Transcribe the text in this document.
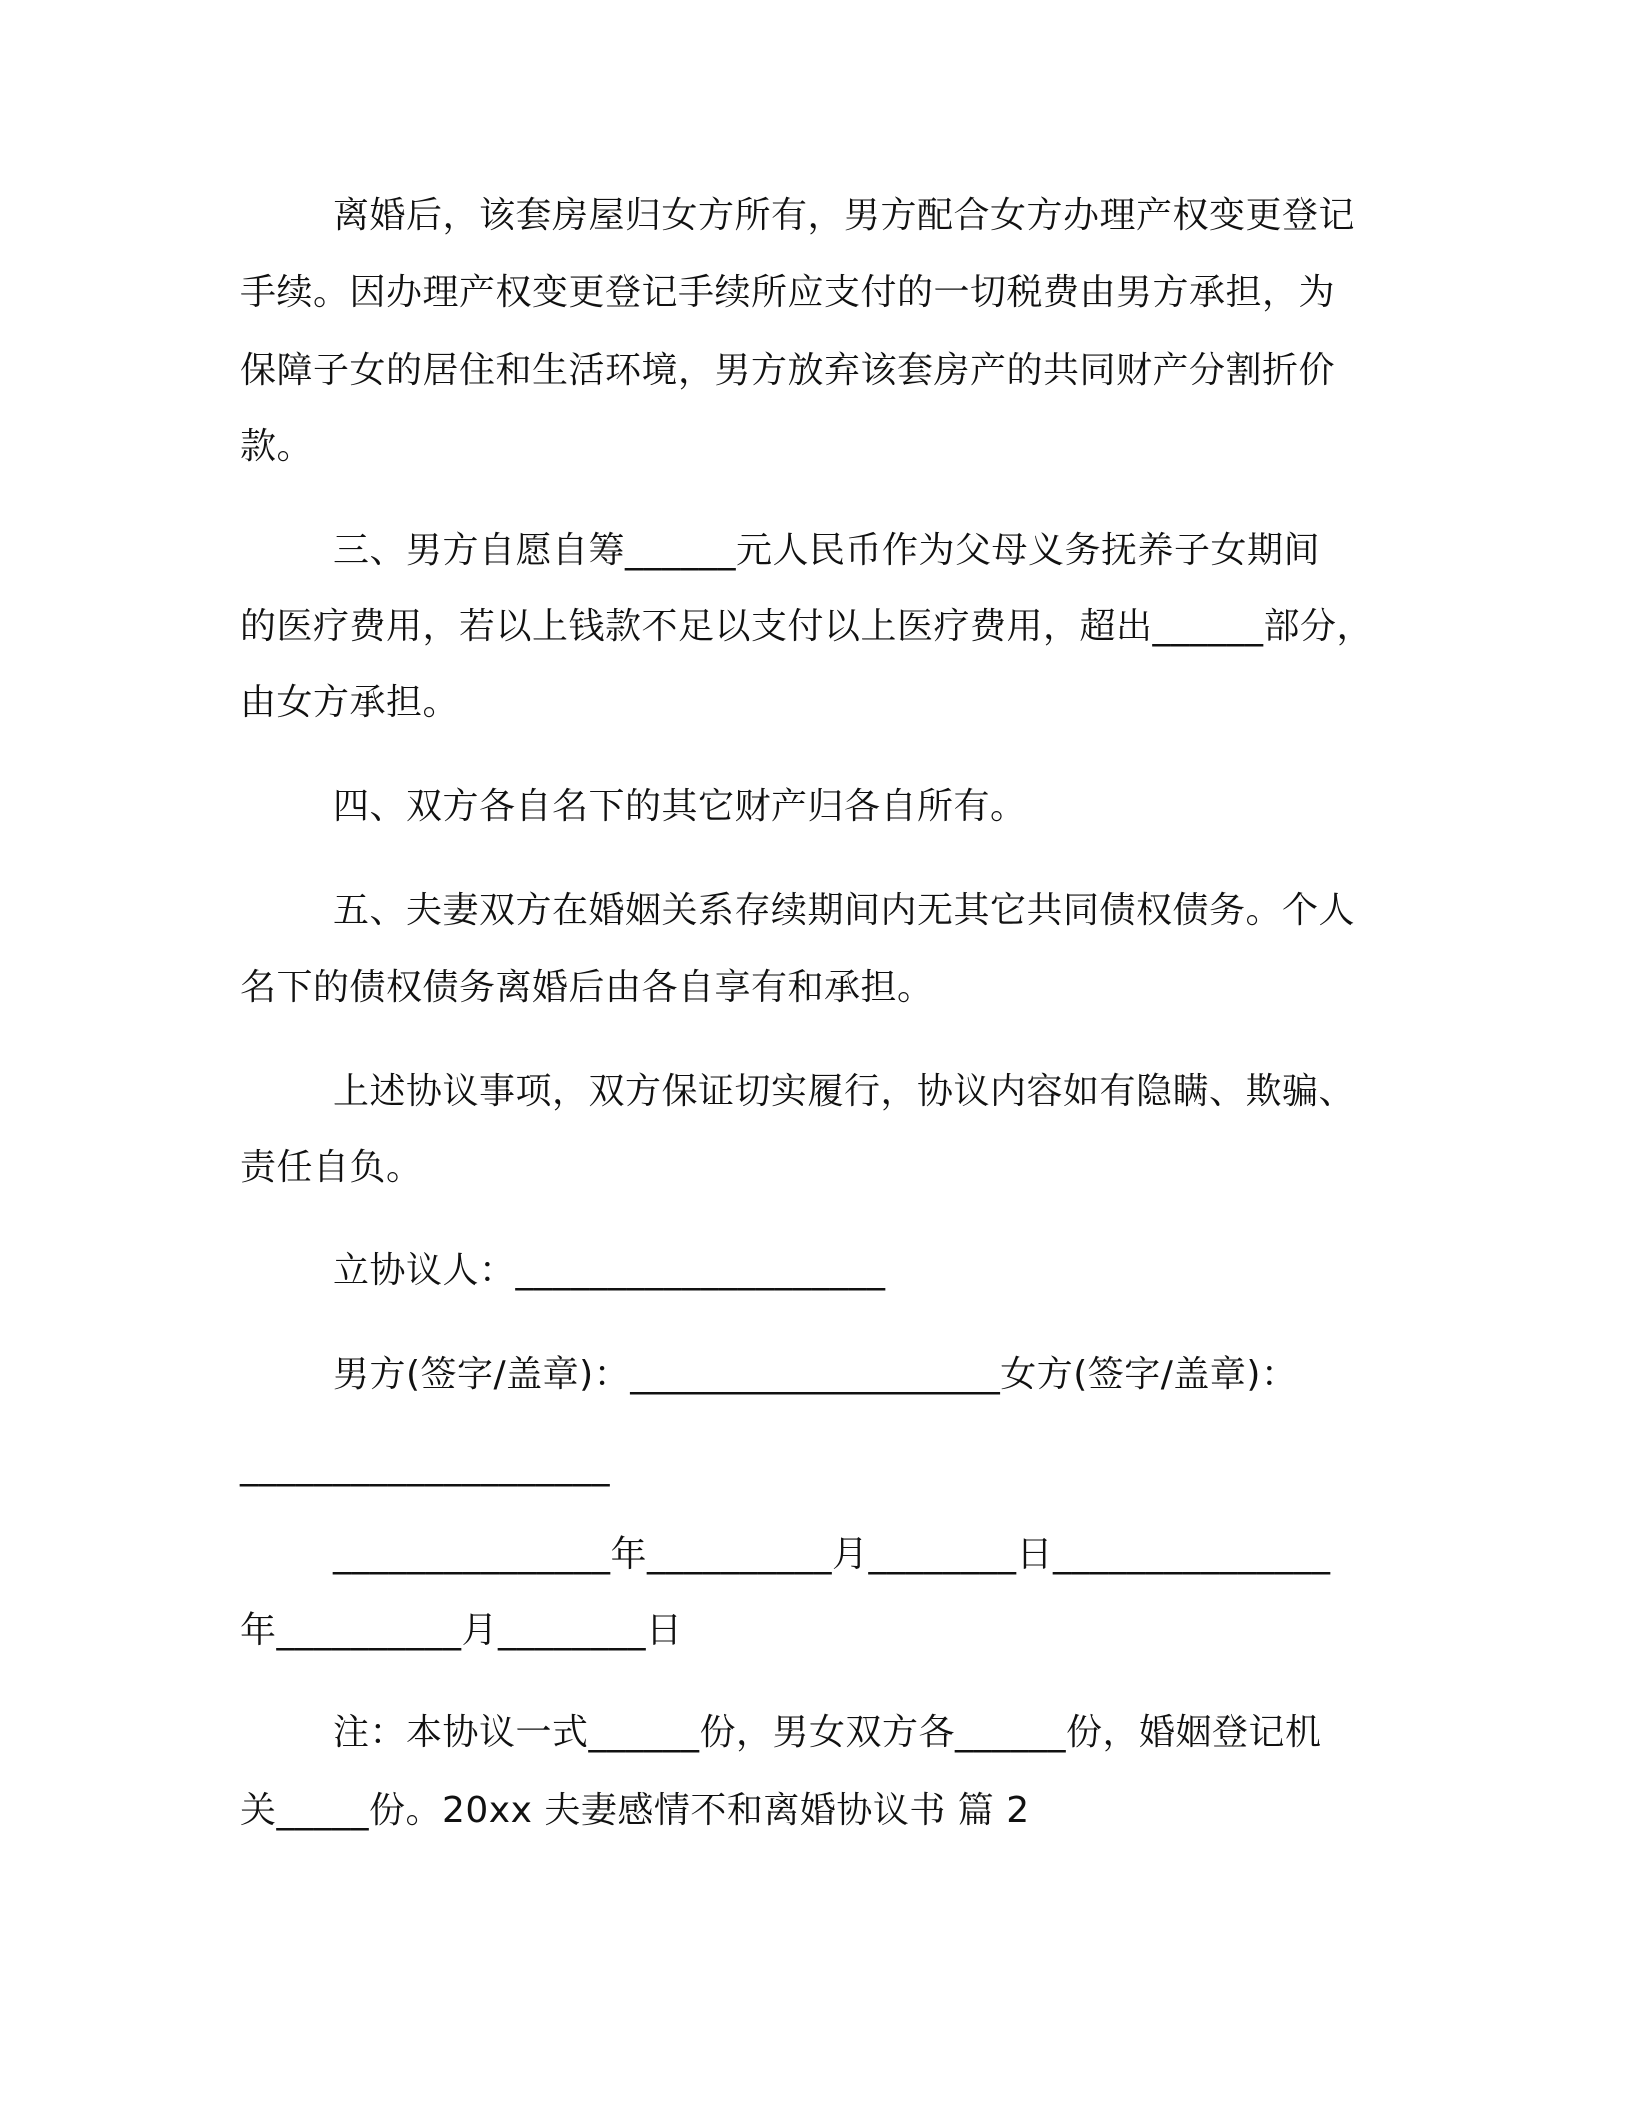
离婚后，该套房屋归女方所有，男方配合女方办理产权变更登记
手续。因办理产权变更登记手续所应支付的一切税费由男方承担，为
保障子女的居住和生活环境，男方放弃该套房产的共同财产分割折价
款。
三、男方自愿自筹______元人民币作为父母义务抚养子女期间
的医疗费用，若以上钱款不足以支付以上医疗费用，超出______部分，
由女方承担。
四、双方各自名下的其它财产归各自所有。
五、夫妻双方在婚姻关系存续期间内无其它共同债权债务。个人
名下的债权债务离婚后由各自享有和承担。
上述协议事项，双方保证切实履行，协议内容如有隐瞒、欺骗、
责任自负。
立协议人：____________________
男方(签字/盖章)：____________________女方(签字/盖章)：
____________________
_______________年__________月________日_______________
年__________月________日
注：本协议一式______份，男女双方各______份，婚姻登记机
关_____份。20xx 夫妻感情不和离婚协议书 篇 2
